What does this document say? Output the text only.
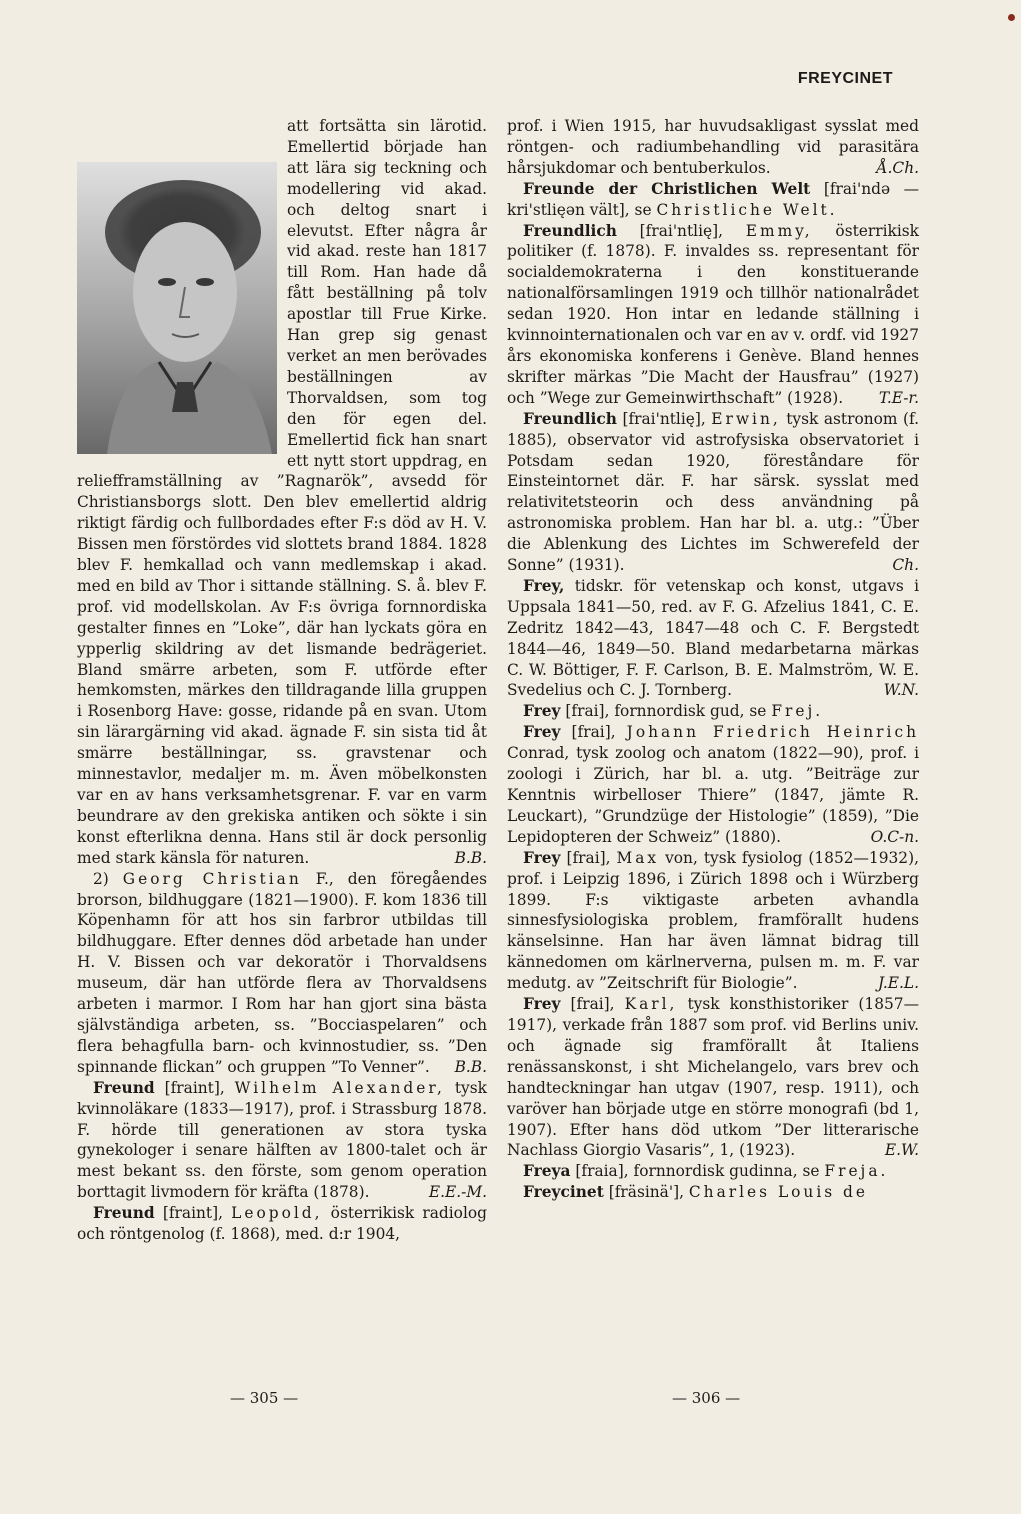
FREYCINET

att fortsätta sin lärotid. Emellertid började han att lära sig teckning och modellering vid akad. och deltog snart i elevutst. Efter några år vid akad. reste han 1817 till Rom. Han hade då fått beställning på tolv apostlar till Frue Kirke. Han grep sig genast verket an men berövades beställningen av Thorvaldsen, som tog den för egen del. Emellertid fick han snart ett nytt stort uppdrag, en reliefframställning av ”Ragnarök”, avsedd för Christiansborgs slott. Den blev emellertid aldrig riktigt färdig och fullbordades efter F:s död av H. V. Bissen men förstördes vid slottets brand 1884. 1828 blev F. hemkallad och vann medlemskap i akad. med en bild av Thor i sittande ställning. S. å. blev F. prof. vid modellskolan. Av F:s övriga fornnordiska gestalter finnes en ”Loke”, där han lyckats göra en ypperlig skildring av det lismande bedrägeriet. Bland smärre arbeten, som F. utförde efter hemkomsten, märkes den tilldragande lilla gruppen i Rosenborg Have: gosse, ridande på en svan. Utom sin lärargärning vid akad. ägnade F. sin sista tid åt smärre beställningar, ss. gravstenar och minnestavlor, medaljer m. m. Även möbelkonsten var en av hans verksamhetsgrenar. F. var en varm beundrare av den grekiska antiken och sökte i sin konst efterlikna denna. Hans stil är dock personlig med stark känsla för naturen.	B.B.

2) Georg Christian F., den föregåendes brorson, bildhuggare (1821—1900). F. kom 1836 till Köpenhamn för att hos sin farbror utbildas till bildhuggare. Efter dennes död arbetade han under H. V. Bissen och var dekoratör i Thorvaldsens museum, där han utförde flera av Thorvaldsens arbeten i marmor. I Rom har han gjort sina bästa självständiga arbeten, ss. ”Bocciaspelaren” och flera behagfulla barn- och kvinnostudier, ss. ”Den spinnande flickan” och gruppen ”To Venner”.	B.B.

Freund [fraint], Wilhelm Alexander, tysk kvinnoläkare (1833—1917), prof. i Strassburg 1878. F. hörde till generationen av stora tyska gynekologer i senare hälften av 1800-talet och är mest bekant ss. den förste, som genom operation borttagit livmodern för kräfta (1878).	E.E.-M.

Freund [fraint], Leopold, österrikisk radiolog och röntgenolog (f. 1868), med. d:r 1904,

prof. i Wien 1915, har huvudsakligast sysslat med röntgen- och radiumbehandling vid parasitära hårsjukdomar och bentuberkulos.	Å.Ch.

Freunde der Christlichen Welt [frai'ndə — kri'stlięən vält], se Christliche Welt.

Freundlich [frai'ntlię], Emmy, österrikisk politiker (f. 1878). F. invaldes ss. representant för socialdemokraterna i den konstituerande nationalförsamlingen 1919 och tillhör nationalrådet sedan 1920. Hon intar en ledande ställning i kvinnointernationalen och var en av v. ordf. vid 1927 års ekonomiska konferens i Genève. Bland hennes skrifter märkas ”Die Macht der Hausfrau” (1927) och ”Wege zur Gemeinwirthschaft” (1928).	T.E-r.

Freundlich [frai'ntlię], Erwin, tysk astronom (f. 1885), observator vid astrofysiska observatoriet i Potsdam sedan 1920, föreståndare för Einsteintornet där. F. har särsk. sysslat med relativitetsteorin och dess användning på astronomiska problem. Han har bl. a. utg.: ”Über die Ablenkung des Lichtes im Schwerefeld der Sonne” (1931).	Ch.

Frey, tidskr. för vetenskap och konst, utgavs i Uppsala 1841—50, red. av F. G. Afzelius 1841, C. E. Zedritz 1842—43, 1847—48 och C. F. Bergstedt 1844—46, 1849—50. Bland medarbetarna märkas C. W. Böttiger, F. F. Carlson, B. E. Malmström, W. E. Svedelius och C. J. Tornberg.	W.N.

Frey [frai], fornnordisk gud, se Frej.

Frey [frai], Johann Friedrich Heinrich Conrad, tysk zoolog och anatom (1822—90), prof. i zoologi i Zürich, har bl. a. utg. ”Beiträge zur Kenntnis wirbelloser Thiere” (1847, jämte R. Leuckart), ”Grundzüge der Histologie” (1859), ”Die Lepidopteren der Schweiz” (1880).	O.C-n.

Frey [frai], Max von, tysk fysiolog (1852—1932), prof. i Leipzig 1896, i Zürich 1898 och i Würzberg 1899. F:s viktigaste arbeten avhandla sinnesfysiologiska problem, framförallt hudens känselsinne. Han har även lämnat bidrag till kännedomen om kärlnerverna, pulsen m. m. F. var medutg. av ”Zeitschrift für Biologie”.	J.E.L.

Frey [frai], Karl, tysk konsthistoriker (1857—1917), verkade från 1887 som prof. vid Berlins univ. och ägnade sig framförallt åt Italiens renässanskonst, i sht Michelangelo, vars brev och handteckningar han utgav (1907, resp. 1911), och varöver han började utge en större monografi (bd 1, 1907). Efter hans död utkom ”Der litterarische Nachlass Giorgio Vasaris”, 1, (1923).	E.W.

Freya [fraia], fornnordisk gudinna, se Freja.

Freycinet [fräsinä'], Charles Louis de

— 305 —	— 306 —
